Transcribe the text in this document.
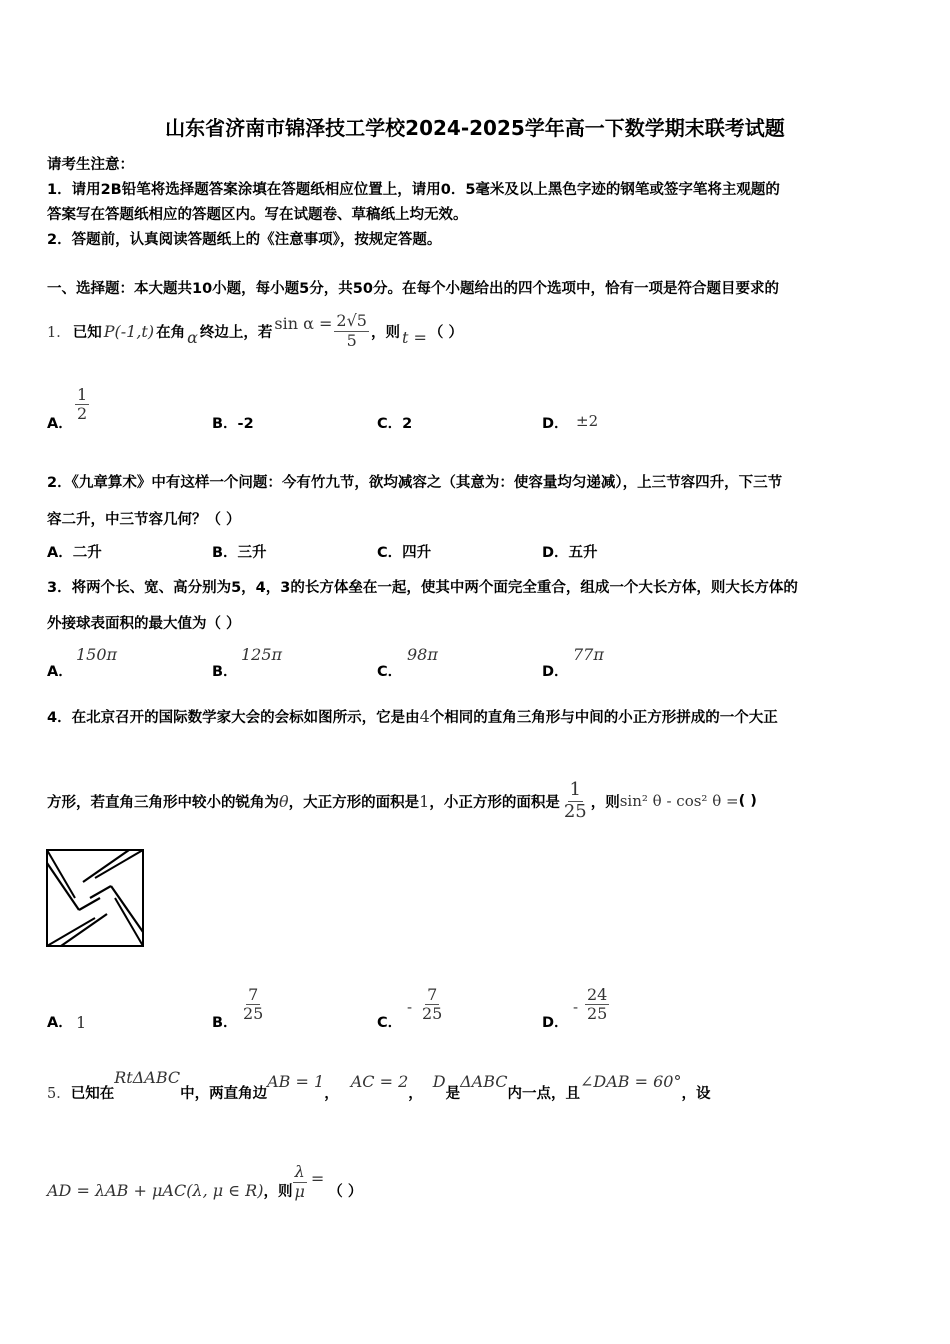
山东省济南市锦泽技工学校2024-2025学年高一下数学期末联考试题
请考生注意：
1．请用2B铅笔将选择题答案涂填在答题纸相应位置上，请用0．5毫米及以上黑色字迹的钢笔或签字笔将主观题的
答案写在答题纸相应的答题区内。写在试题卷、草稿纸上均无效。
2．答题前，认真阅读答题纸上的《注意事项》，按规定答题。
一、选择题：本大题共10小题，每小题5分，共50分。在每个小题给出的四个选项中，恰有一项是符合题目要求的
1． 已知 P(-1,t) 在角 α 终边上，若 $\sin \alpha = \frac{2√5}{5}$ ，则 t = （ ）
A．
$\frac{1}{2}$
B．-2	C．2	D． ±2
2．《九章算术》中有这样一个问题：今有竹九节，欲均减容之（其意为：使容量均匀递减），上三节容四升，下三节
容二升，中三节容几何？（ ）
A．二升	B．三升	C．四升	D．五升
3．将两个长、宽、高分别为5，4，3的长方体垒在一起，使其中两个面完全重合，组成一个大长方体，则大长方体的
外接球表面积的最大值为（ ）
A．
150π
B．
125π
C．
98π
D．
77π
4．在北京召开的国际数学家大会的会标如图所示，它是由 4 个相同的直角三角形与中间的小正方形拼成的一个大正
方形，若直角三角形中较小的锐角为 θ ，大正方形的面积是 1 ，小正方形的面积是 $\frac{1}{25}$ ，则 sin² θ - cos² θ = ( )
A． 1	B． $\frac{7}{25}$	C．
- $\frac{7}{25}$	D．
- $\frac{24}{25}$
5． 已知在
RtΔABC
中，两直角边
AB = 1
，
AC = 2
，
D
是
ΔABC
内一点，且
∠DAB = 60°
，设
AD = λAB + μAC(λ, μ ∈ R) ，则 $\frac{\lambda}{\mu}$ =
（ ）
